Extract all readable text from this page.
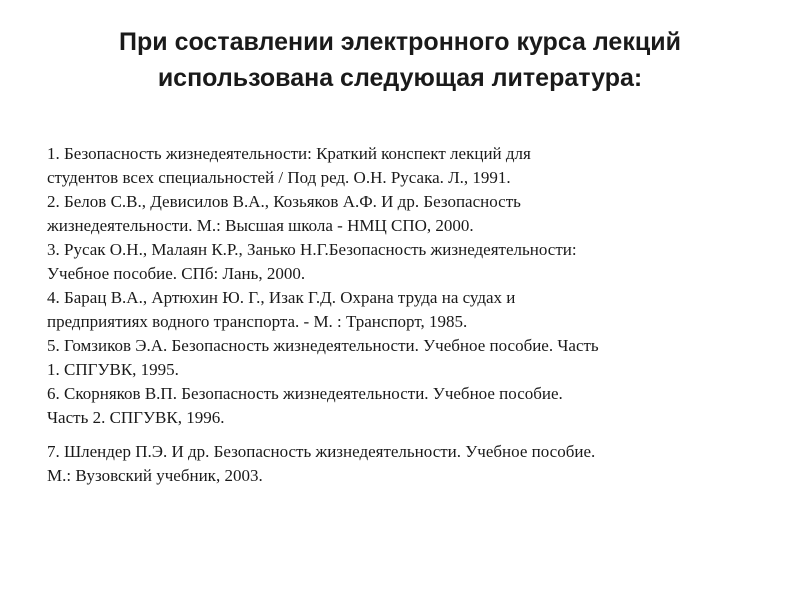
При составлении электронного курса лекций
использована следующая литература:
1. Безопасность жизнедеятельности: Краткий конспект лекций для
студентов всех специальностей / Под ред. О.Н. Русака. Л., 1991.
2. Белов С.В., Девисилов В.А., Козьяков А.Ф. И др. Безопасность
жизнедеятельности. М.: Высшая школа - НМЦ СПО, 2000.
3. Русак О.Н., Малаян К.Р., Занько Н.Г.Безопасность жизнедеятельности:
Учебное пособие. СПб: Лань, 2000.
4. Барац В.А., Артюхин Ю. Г., Изак Г.Д. Охрана труда на судах и
предприятиях водного транспорта. - М. : Транспорт, 1985.
5. Гомзиков Э.А. Безопасность жизнедеятельности. Учебное пособие. Часть
1. СПГУВК, 1995.
6. Скорняков В.П. Безопасность жизнедеятельности. Учебное пособие.
Часть 2. СПГУВК, 1996.
7. Шлендер П.Э. И др. Безопасность жизнедеятельности. Учебное пособие.
М.: Вузовский учебник, 2003.
